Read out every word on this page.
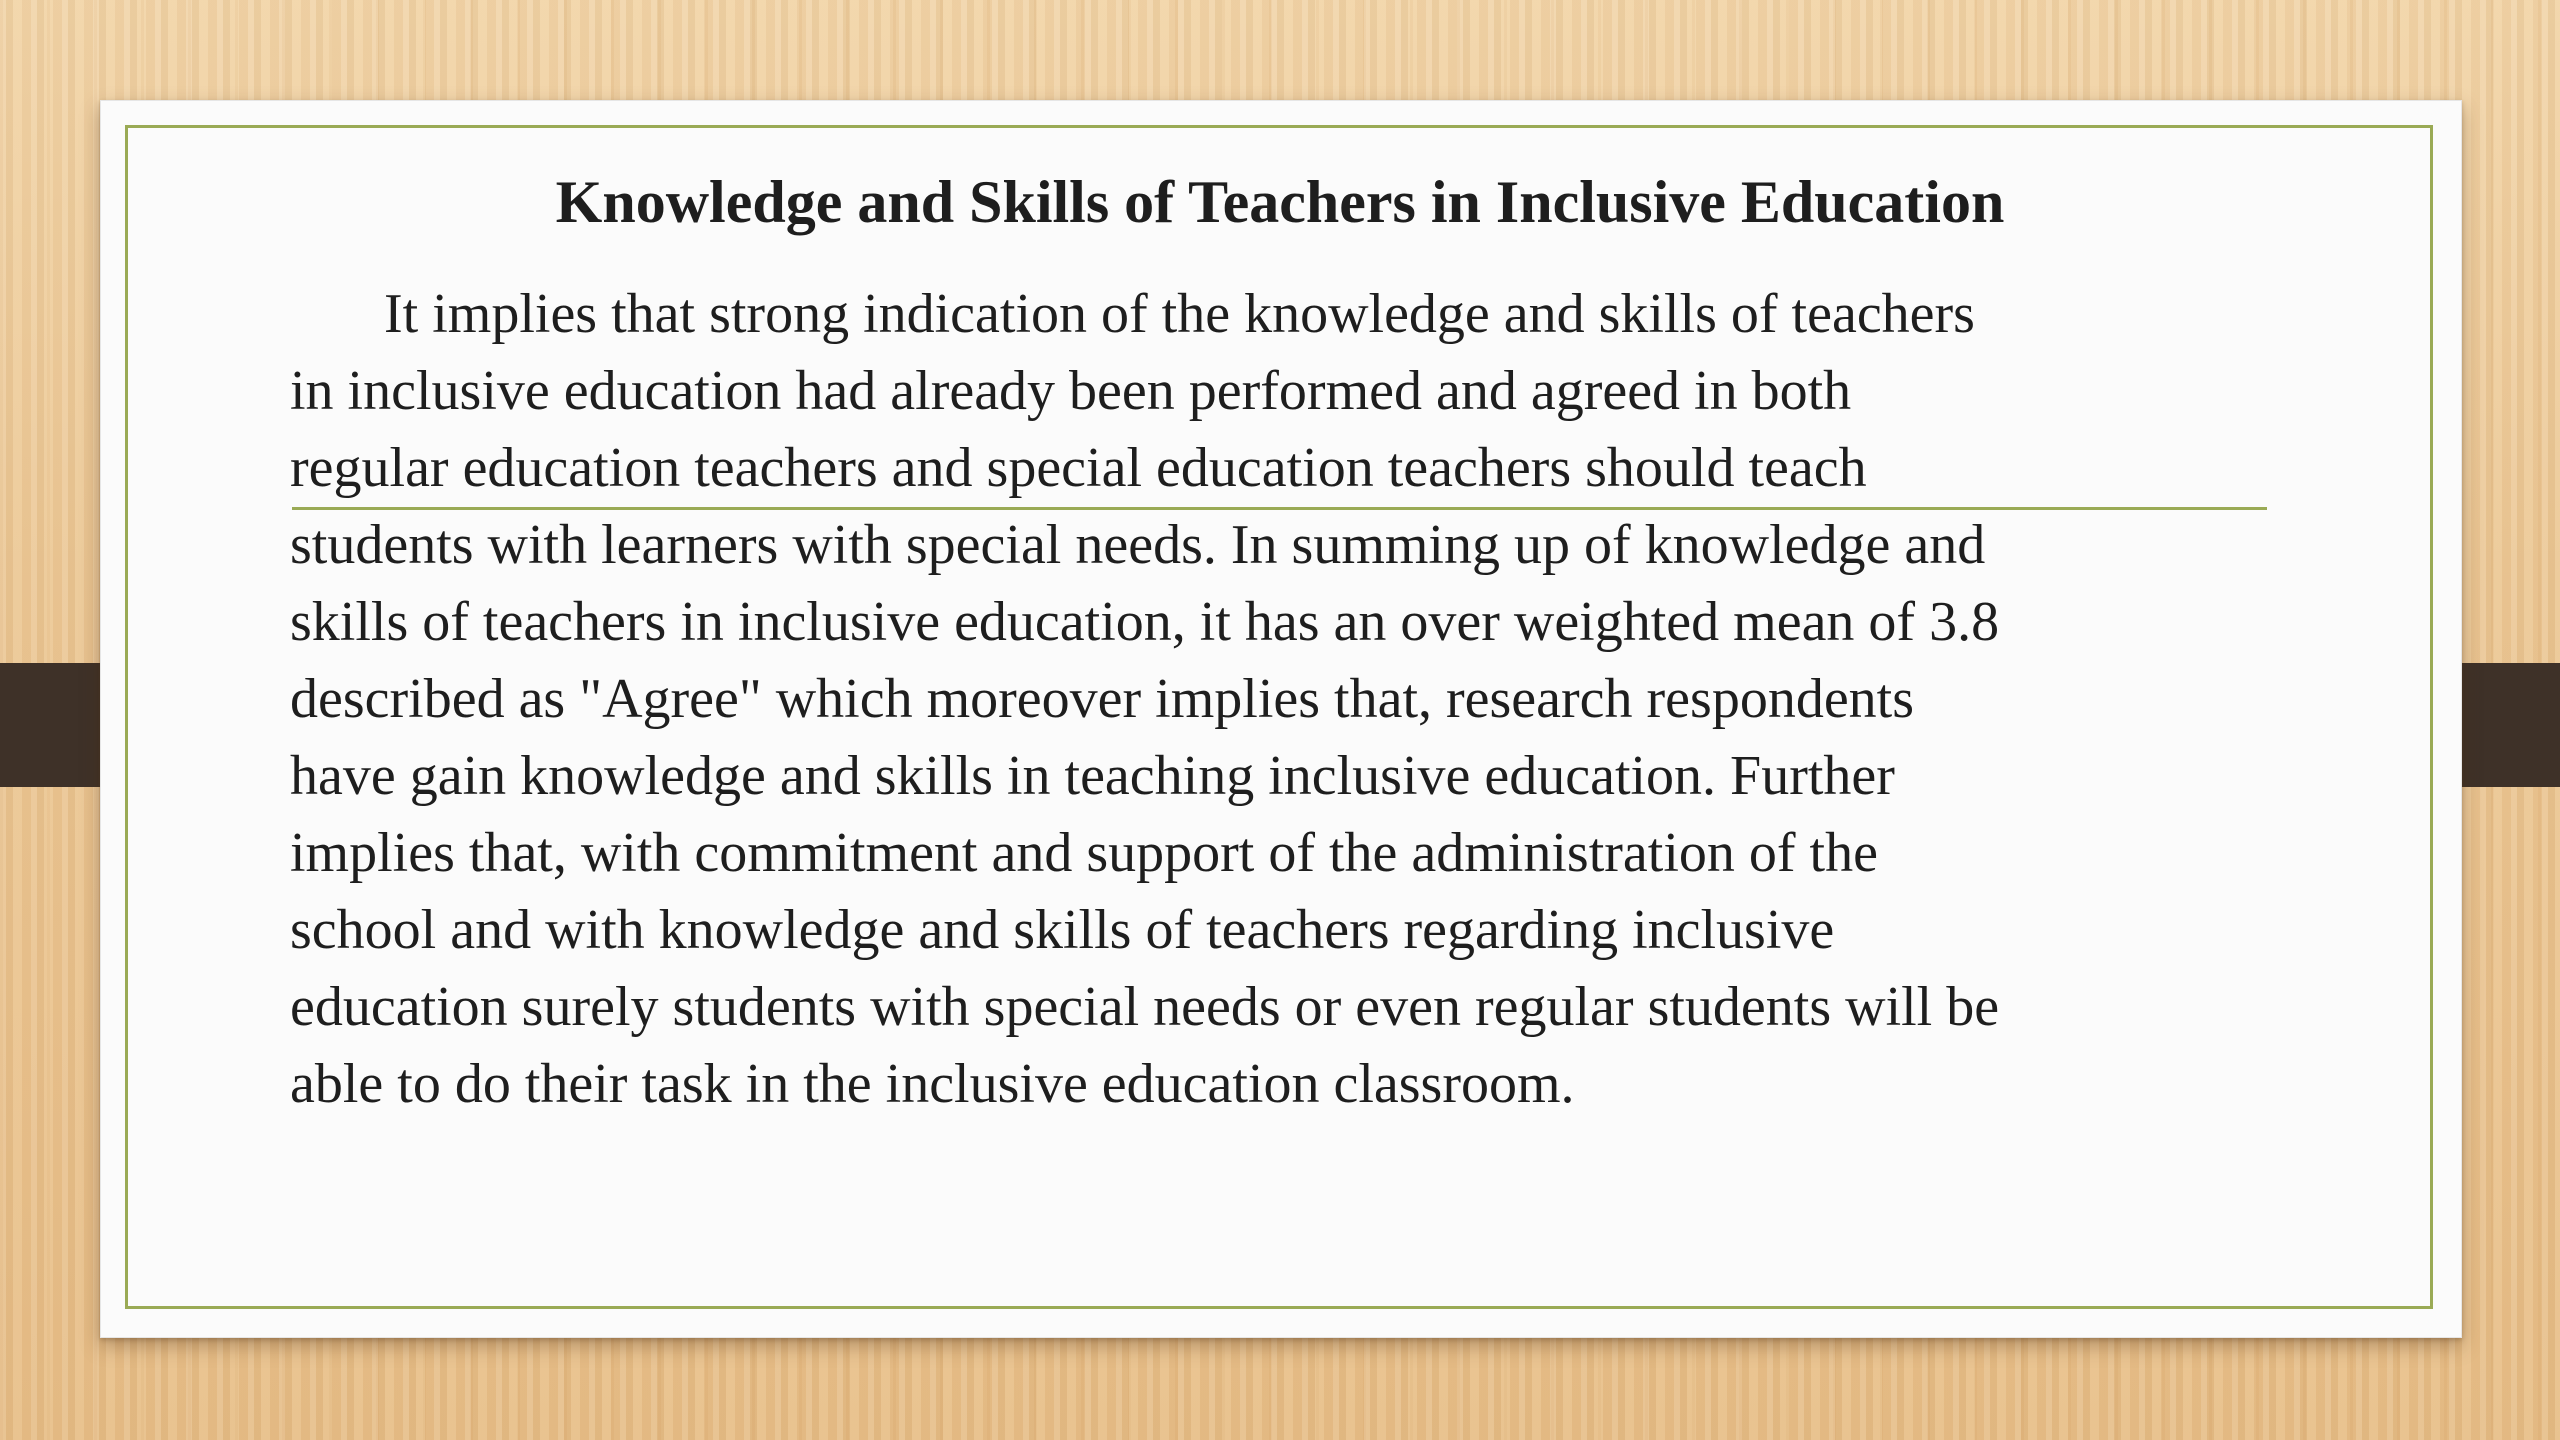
Knowledge and Skills of Teachers in Inclusive Education
It implies that strong indication of the knowledge and skills of teachers
in inclusive education had already been performed and agreed in both
regular education teachers and special education teachers should teach
students with learners with special needs. In summing up of knowledge and
skills of teachers in inclusive education, it has an over weighted mean of 3.8
described as "Agree" which moreover implies that, research respondents
have gain knowledge and skills in teaching inclusive education. Further
implies that, with commitment and support of the administration of the
school and with knowledge and skills of teachers regarding inclusive
education surely students with special needs or even regular students will be
able to do their task in the inclusive education classroom.
